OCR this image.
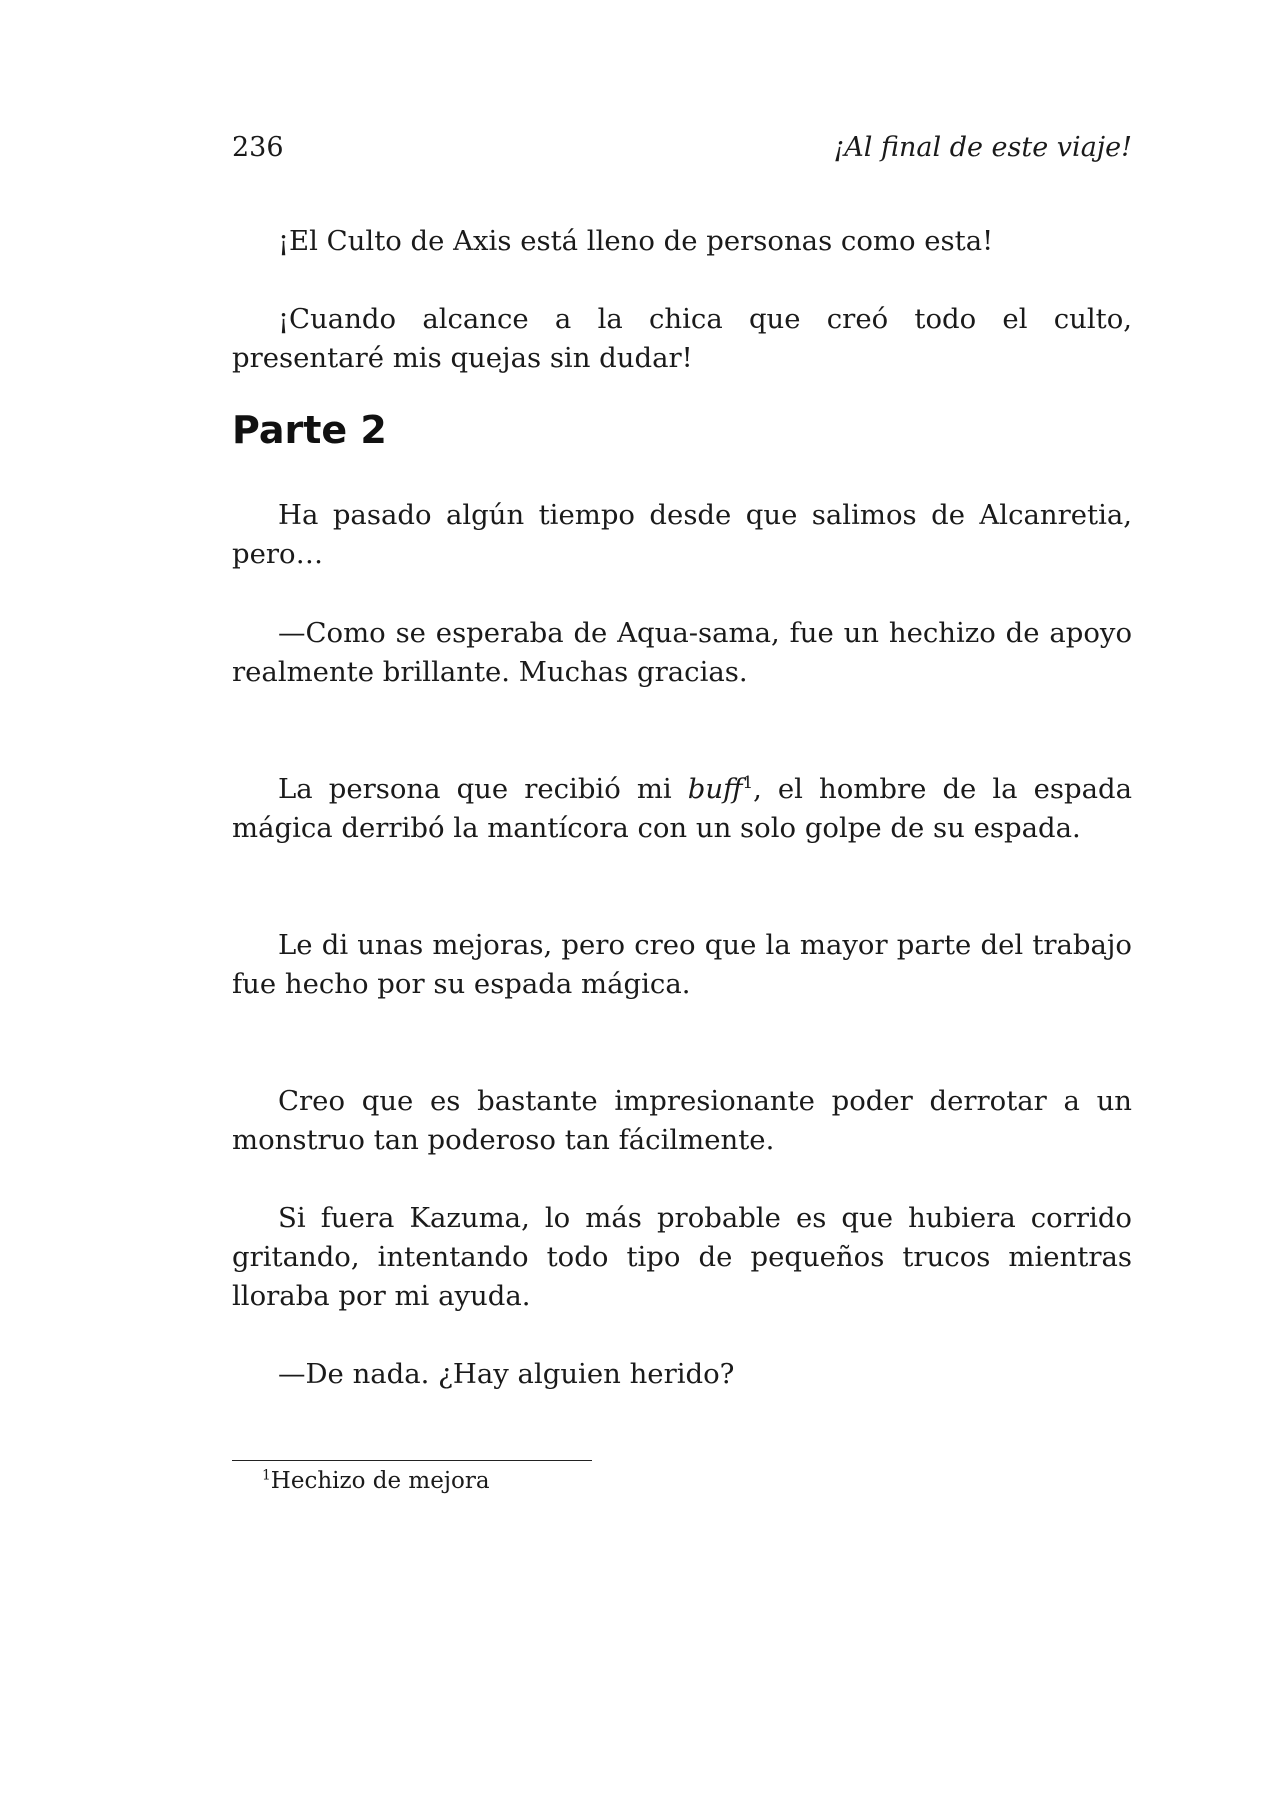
236	¡Al final de este viaje!

¡El Culto de Axis está lleno de personas como esta!

¡Cuando alcance a la chica que creó todo el culto, presentaré mis quejas sin dudar!

Parte 2

Ha pasado algún tiempo desde que salimos de Alcanretia, pero…

—Como se esperaba de Aqua-sama, fue un hechizo de apoyo realmente brillante. Muchas gracias.

La persona que recibió mi buff$^1$, el hombre de la espada mágica derribó la mantícora con un solo golpe de su espada.

Le di unas mejoras, pero creo que la mayor parte del trabajo fue hecho por su espada mágica.

Creo que es bastante impresionante poder derrotar a un monstruo tan poderoso tan fácilmente.

Si fuera Kazuma, lo más probable es que hubiera corrido gritando, intentando todo tipo de pequeños trucos mientras lloraba por mi ayuda.

—De nada. ¿Hay alguien herido?

$^1$Hechizo de mejora
